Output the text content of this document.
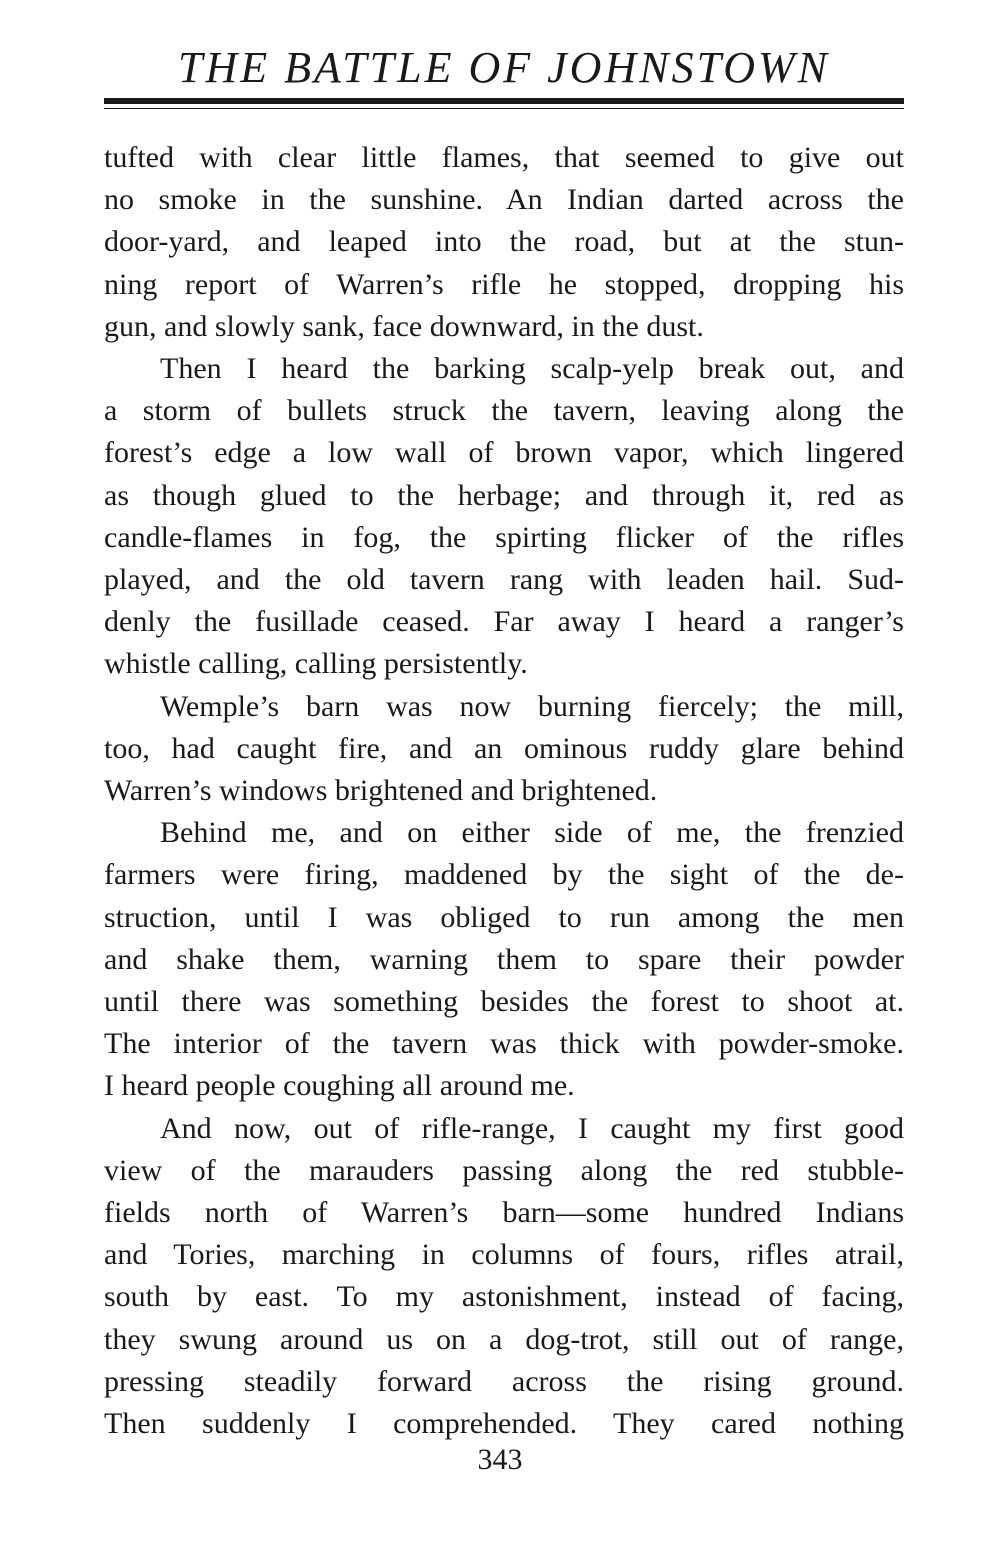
THE BATTLE OF JOHNSTOWN

tufted with clear little flames, that seemed to give out
no smoke in the sunshine. An Indian darted across the
door-yard, and leaped into the road, but at the stun-
ning report of Warren’s rifle he stopped, dropping his
gun, and slowly sank, face downward, in the dust.

Then I heard the barking scalp-yelp break out, and
a storm of bullets struck the tavern, leaving along the
forest’s edge a low wall of brown vapor, which lingered
as though glued to the herbage; and through it, red as
candle-flames in fog, the spirting flicker of the rifles
played, and the old tavern rang with leaden hail. Sud-
denly the fusillade ceased. Far away I heard a ranger’s
whistle calling, calling persistently.

Wemple’s barn was now burning fiercely; the mill,
too, had caught fire, and an ominous ruddy glare behind
Warren’s windows brightened and brightened.

Behind me, and on either side of me, the frenzied
farmers were firing, maddened by the sight of the de-
struction, until I was obliged to run among the men
and shake them, warning them to spare their powder
until there was something besides the forest to shoot at.
The interior of the tavern was thick with powder-smoke.
I heard people coughing all around me.

And now, out of rifle-range, I caught my first good
view of the marauders passing along the red stubble-
fields north of Warren’s barn—some hundred Indians
and Tories, marching in columns of fours, rifles atrail,
south by east. To my astonishment, instead of facing,
they swung around us on a dog-trot, still out of range,
pressing steadily forward across the rising ground.
Then suddenly I comprehended. They cared nothing

343
